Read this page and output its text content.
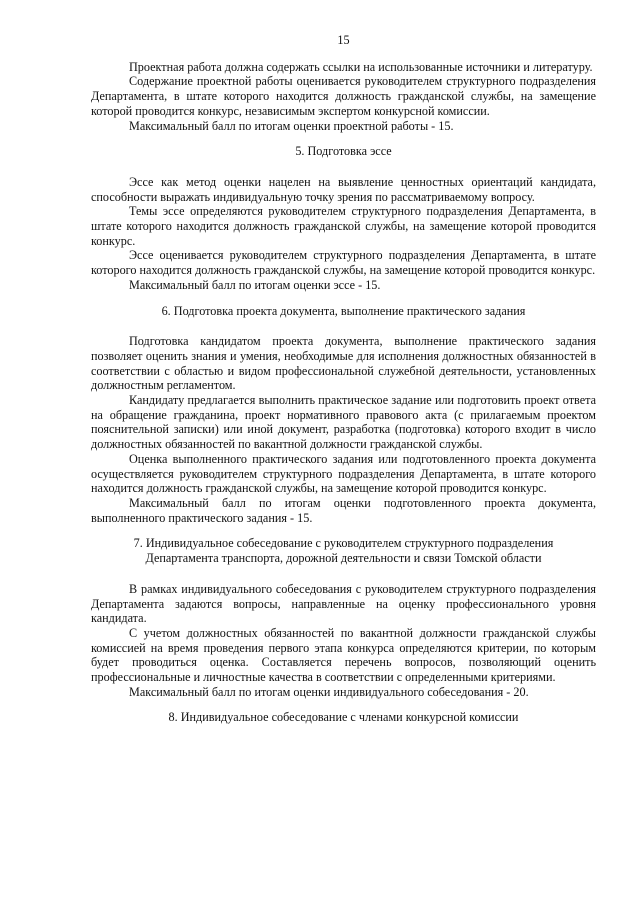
15

Проектная работа должна содержать ссылки на использованные источники и литературу.

Содержание проектной работы оценивается руководителем структурного подразделения Департамента, в штате которого находится должность гражданской службы, на замещение которой проводится конкурс, независимым экспертом конкурсной комиссии.

Максимальный балл по итогам оценки проектной работы - 15.

5. Подготовка эссе

Эссе как метод оценки нацелен на выявление ценностных ориентаций кандидата, способности выражать индивидуальную точку зрения по рассматриваемому вопросу.

Темы эссе определяются руководителем структурного подразделения Департамента, в штате которого находится должность гражданской службы, на замещение которой проводится конкурс.

Эссе оценивается руководителем структурного подразделения Департамента, в штате которого находится должность гражданской службы, на замещение которой проводится конкурс.

Максимальный балл по итогам оценки эссе - 15.

6. Подготовка проекта документа, выполнение практического задания

Подготовка кандидатом проекта документа, выполнение практического задания позволяет оценить знания и умения, необходимые для исполнения должностных обязанностей в соответствии с областью и видом профессиональной служебной деятельности, установленных должностным регламентом.

Кандидату предлагается выполнить практическое задание или подготовить проект ответа на обращение гражданина, проект нормативного правового акта (с прилагаемым проектом пояснительной записки) или иной документ, разработка (подготовка) которого входит в число должностных обязанностей по вакантной должности гражданской службы.

Оценка выполненного практического задания или подготовленного проекта документа осуществляется руководителем структурного подразделения Департамента, в штате которого находится должность гражданской службы, на замещение которой проводится конкурс.

Максимальный балл по итогам оценки подготовленного проекта документа, выполненного практического задания - 15.

7. Индивидуальное собеседование с руководителем структурного подразделения
Департамента транспорта, дорожной деятельности и связи Томской области

В рамках индивидуального собеседования с руководителем структурного подразделения Департамента задаются вопросы, направленные на оценку профессионального уровня кандидата.

С учетом должностных обязанностей по вакантной должности гражданской службы комиссией на время проведения первого этапа конкурса определяются критерии, по которым будет проводиться оценка. Составляется перечень вопросов, позволяющий оценить профессиональные и личностные качества в соответствии с определенными критериями.

Максимальный балл по итогам оценки индивидуального собеседования - 20.

8. Индивидуальное собеседование с членами конкурсной комиссии
